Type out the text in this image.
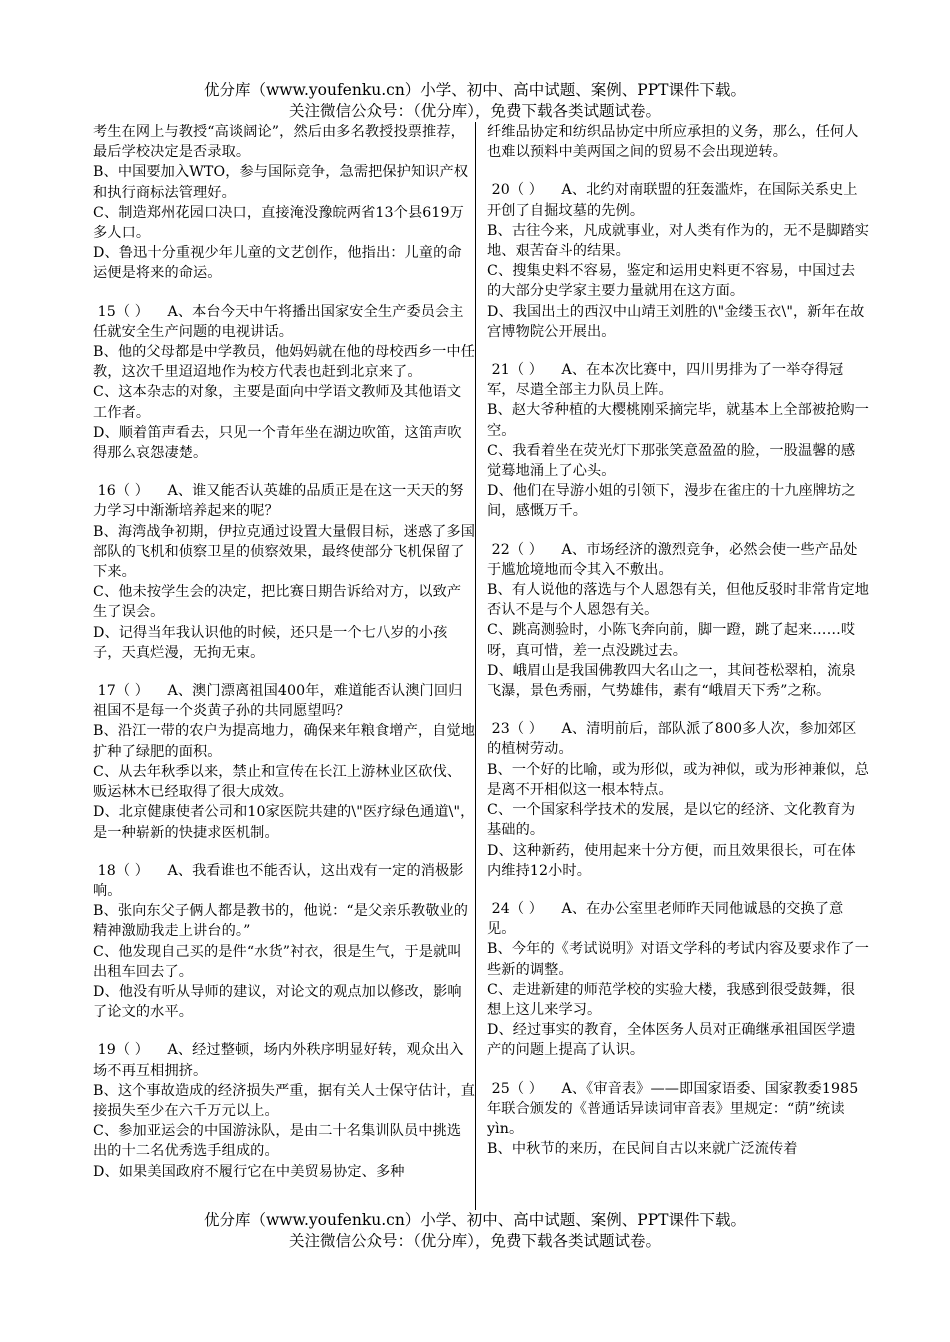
优分库（www.youfenku.cn）小学、初中、高中试题、案例、PPT课件下载。
关注微信公众号：（优分库），免费下载各类试题试卷。

考生在网上与教授“高谈阔论”，然后由多名教授投票推荐，最后学校决定是否录取。

B、中国要加入WTO，参与国际竞争，急需把保护知识产权和执行商标法管理好。

C、制造郑州花园口决口，直接淹没豫皖两省13个县619万多人口。

D、鲁迅十分重视少年儿童的文艺创作，他指出：儿童的命运便是将来的命运。

15（ ）    A、本台今天中午将播出国家安全生产委员会主任就安全生产问题的电视讲话。

B、他的父母都是中学教员，他妈妈就在他的母校西乡一中任教，这次千里迢迢地作为校方代表也赶到北京来了。

C、这本杂志的对象，主要是面向中学语文教师及其他语文工作者。

D、顺着笛声看去，只见一个青年坐在湖边吹笛，这笛声吹得那么哀怨凄楚。

16（ ）    A、谁又能否认英雄的品质正是在这一天天的努力学习中渐渐培养起来的呢？

B、海湾战争初期，伊拉克通过设置大量假目标，迷惑了多国部队的飞机和侦察卫星的侦察效果，最终使部分飞机保留了下来。

C、他未按学生会的决定，把比赛日期告诉给对方，以致产生了误会。

D、记得当年我认识他的时候，还只是一个七八岁的小孩子，天真烂漫，无拘无束。

17（ ）    A、澳门漂离祖国400年，难道能否认澳门回归祖国不是每一个炎黄子孙的共同愿望吗？

B、沿江一带的农户为提高地力，确保来年粮食增产，自觉地扩种了绿肥的面积。

C、从去年秋季以来，禁止和宣传在长江上游林业区砍伐、贩运林木已经取得了很大成效。

D、北京健康使者公司和10家医院共建的\"医疗绿色通道\"，是一种崭新的快捷求医机制。

18（ ）    A、我看谁也不能否认，这出戏有一定的消极影响。

B、张向东父子俩人都是教书的，他说：“是父亲乐教敬业的精神激励我走上讲台的。”

C、他发现自己买的是件“水货”衬衣，很是生气，于是就叫出租车回去了。

D、他没有听从导师的建议，对论文的观点加以修改，影响了论文的水平。

19（ ）    A、经过整顿，场内外秩序明显好转，观众出入场不再互相拥挤。

B、这个事故造成的经济损失严重，据有关人士保守估计，直接损失至少在六千万元以上。

C、参加亚运会的中国游泳队，是由二十名集训队员中挑选出的十二名优秀选手组成的。

D、如果美国政府不履行它在中美贸易协定、多种

纤维品协定和纺织品协定中所应承担的义务，那么，任何人也难以预料中美两国之间的贸易不会出现逆转。

20（ ）    A、北约对南联盟的狂轰滥炸，在国际关系史上开创了自掘坟墓的先例。

B、古往今来，凡成就事业，对人类有作为的，无不是脚踏实地、艰苦奋斗的结果。

C、搜集史料不容易，鉴定和运用史料更不容易，中国过去的大部分史学家主要力量就用在这方面。

D、我国出土的西汉中山靖王刘胜的\"金缕玉衣\"，新年在故宫博物院公开展出。

21（ ）    A、在本次比赛中，四川男排为了一举夺得冠军，尽遣全部主力队员上阵。

B、赵大爷种植的大樱桃刚采摘完毕，就基本上全部被抢购一空。

C、我看着坐在荧光灯下那张笑意盈盈的脸，一股温馨的感觉蓦地涌上了心头。

D、他们在导游小姐的引领下，漫步在雀庄的十九座牌坊之间，感慨万千。

22（ ）    A、市场经济的激烈竞争，必然会使一些产品处于尴尬境地而令其入不敷出。

B、有人说他的落选与个人恩怨有关，但他反驳时非常肯定地否认不是与个人恩怨有关。

C、跳高测验时，小陈飞奔向前，脚一蹬，跳了起来……哎呀，真可惜，差一点没跳过去。

D、峨眉山是我国佛教四大名山之一，其间苍松翠柏，流泉飞瀑，景色秀丽，气势雄伟，素有“峨眉天下秀”之称。

23（ ）    A、清明前后，部队派了800多人次，参加郊区的植树劳动。

B、一个好的比喻，或为形似，或为神似，或为形神兼似，总是离不开相似这一根本特点。

C、一个国家科学技术的发展，是以它的经济、文化教育为基础的。

D、这种新药，使用起来十分方便，而且效果很长，可在体内维持12小时。

24（ ）    A、在办公室里老师昨天同他诚恳的交换了意见。

B、今年的《考试说明》对语文学科的考试内容及要求作了一些新的调整。

C、走进新建的师范学校的实验大楼，我感到很受鼓舞，很想上这儿来学习。

D、经过事实的教育，全体医务人员对正确继承祖国医学遗产的问题上提高了认识。

25（ ）    A、《审音表》——即国家语委、国家教委1985年联合颁发的《普通话异读词审音表》里规定：“荫”统读yìn。

B、中秋节的来历，在民间自古以来就广泛流传着

优分库（www.youfenku.cn）小学、初中、高中试题、案例、PPT课件下载。
关注微信公众号：（优分库），免费下载各类试题试卷。
